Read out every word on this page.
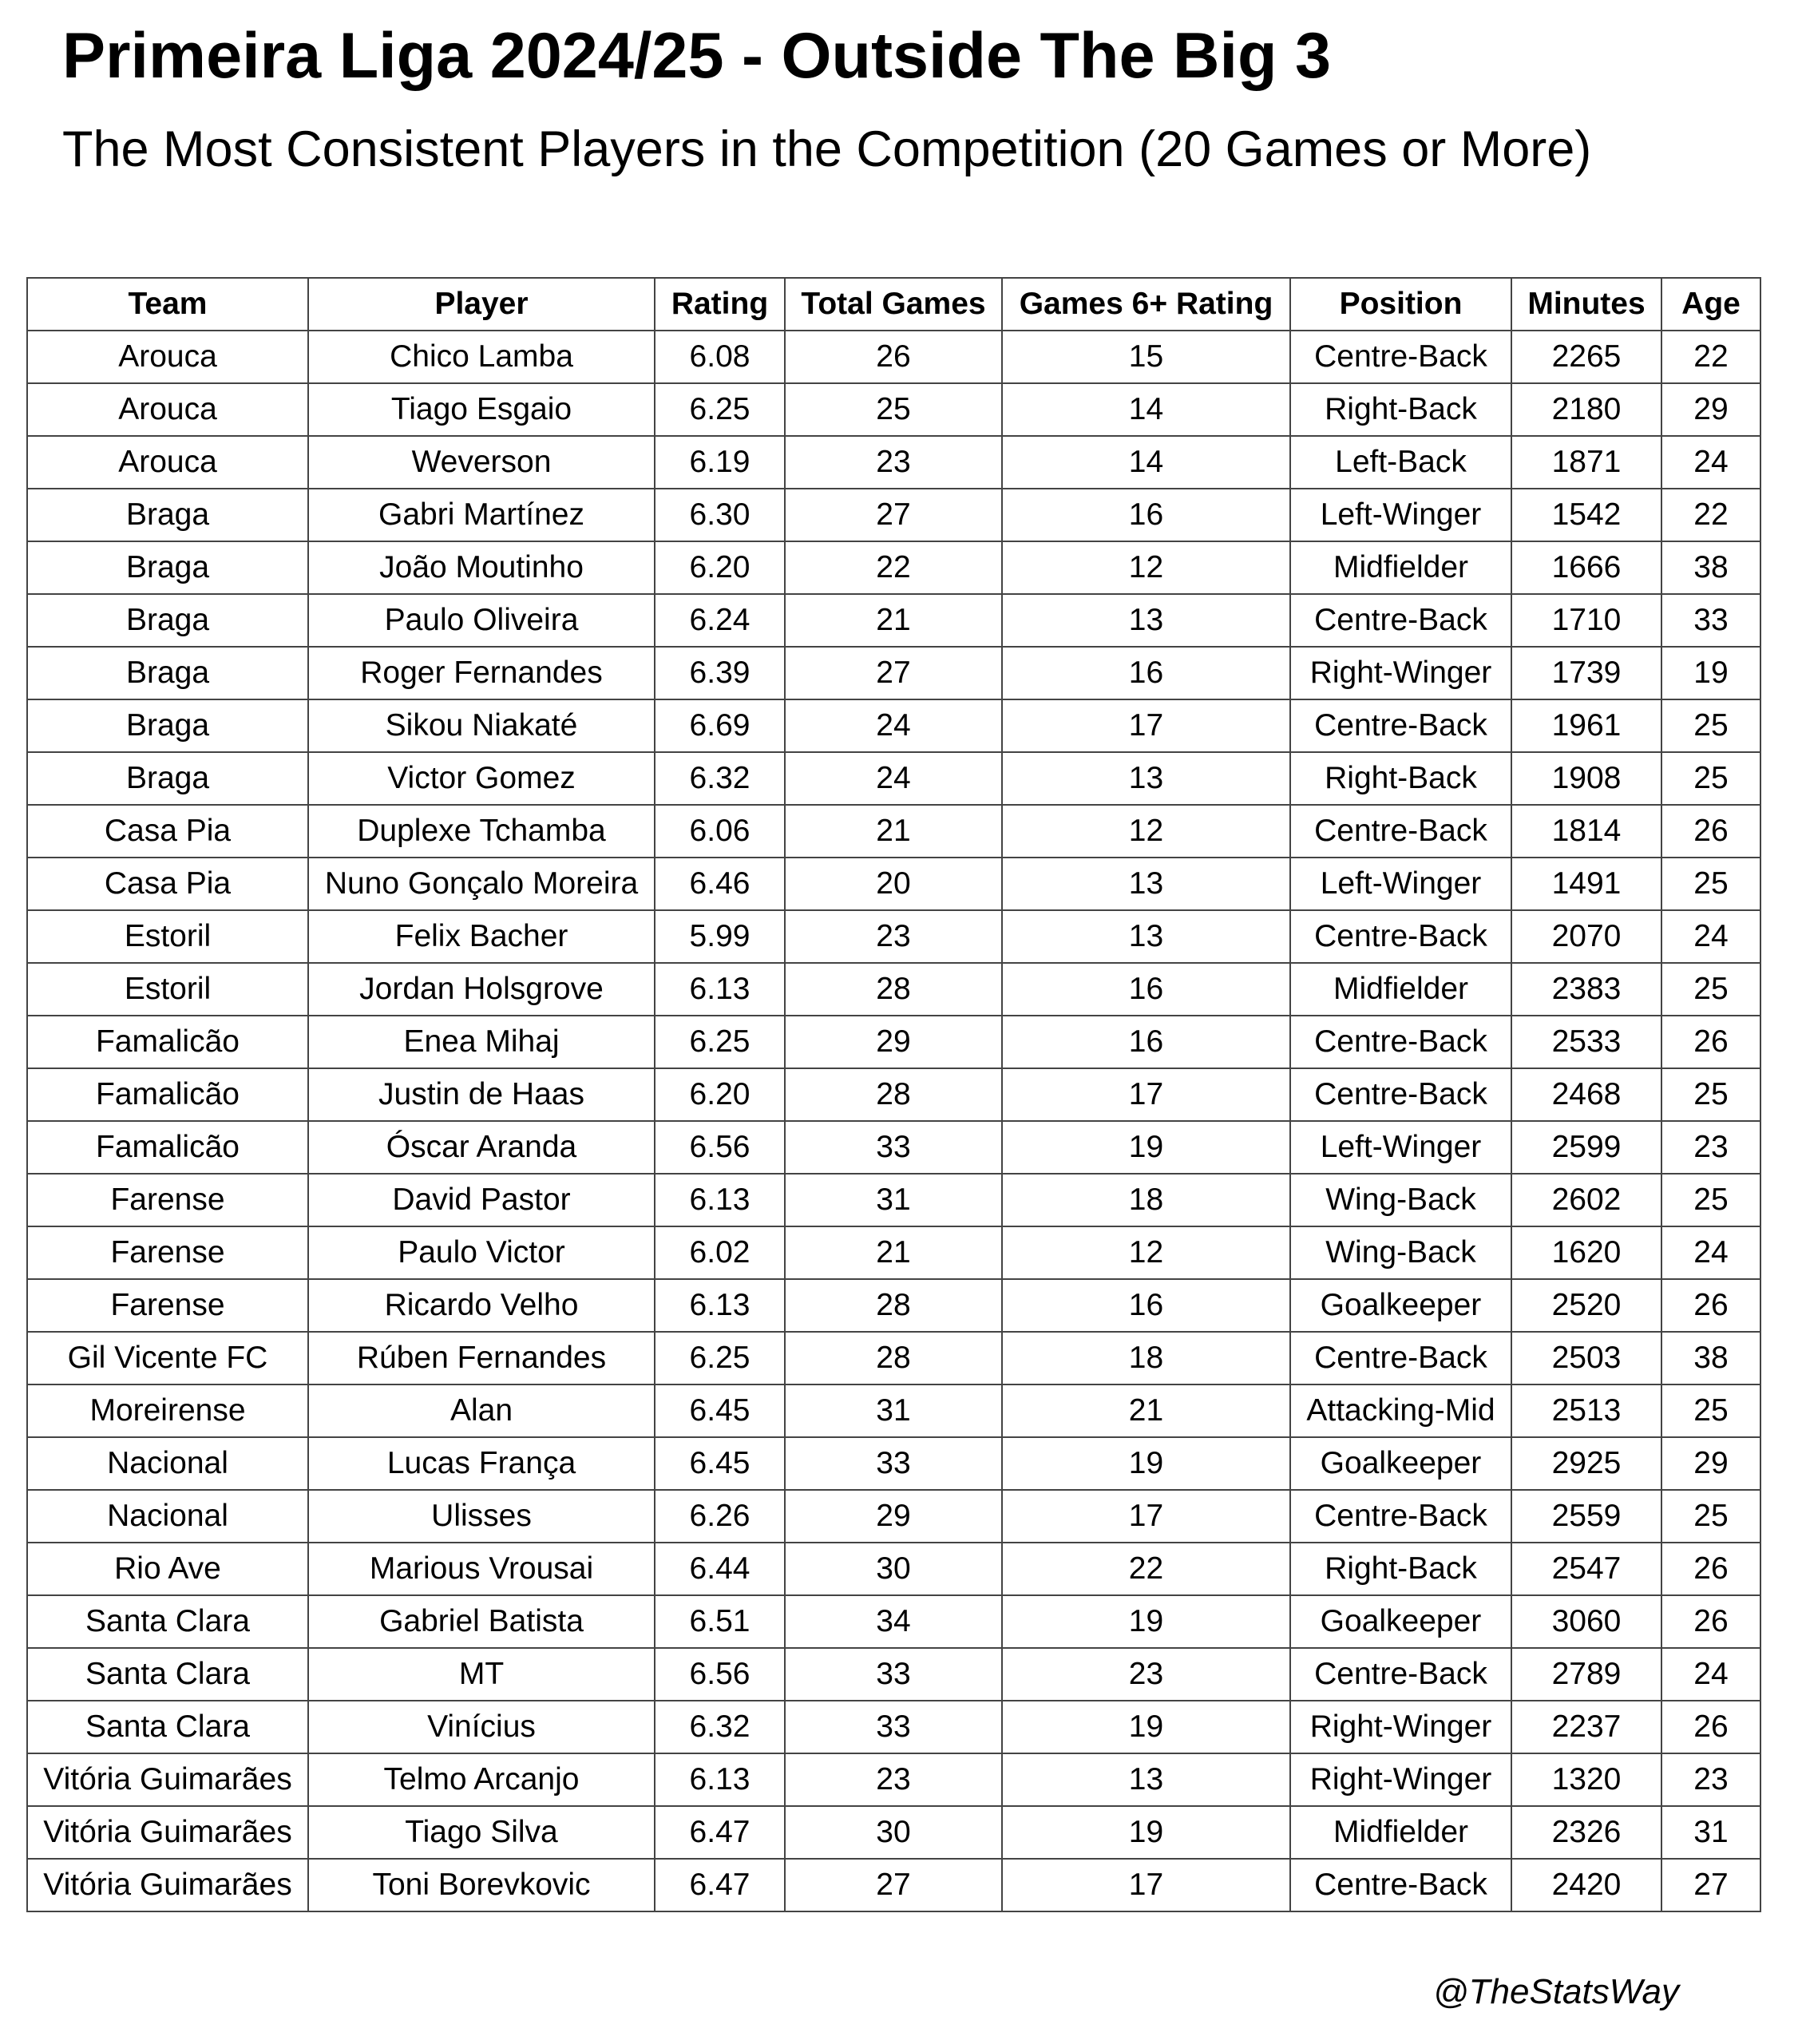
Primeira Liga 2024/25 - Outside The Big 3
The Most Consistent Players in the Competition (20 Games or More)
Team	Player	Rating	Total Games	Games 6+ Rating	Position	Minutes	Age
Arouca	Chico Lamba	6.08	26	15	Centre-Back	2265	22
Arouca	Tiago Esgaio	6.25	25	14	Right-Back	2180	29
Arouca	Weverson	6.19	23	14	Left-Back	1871	24
Braga	Gabri Martínez	6.30	27	16	Left-Winger	1542	22
Braga	João Moutinho	6.20	22	12	Midfielder	1666	38
Braga	Paulo Oliveira	6.24	21	13	Centre-Back	1710	33
Braga	Roger Fernandes	6.39	27	16	Right-Winger	1739	19
Braga	Sikou Niakaté	6.69	24	17	Centre-Back	1961	25
Braga	Victor Gomez	6.32	24	13	Right-Back	1908	25
Casa Pia	Duplexe Tchamba	6.06	21	12	Centre-Back	1814	26
Casa Pia	Nuno Gonçalo Moreira	6.46	20	13	Left-Winger	1491	25
Estoril	Felix Bacher	5.99	23	13	Centre-Back	2070	24
Estoril	Jordan Holsgrove	6.13	28	16	Midfielder	2383	25
Famalicão	Enea Mihaj	6.25	29	16	Centre-Back	2533	26
Famalicão	Justin de Haas	6.20	28	17	Centre-Back	2468	25
Famalicão	Óscar Aranda	6.56	33	19	Left-Winger	2599	23
Farense	David Pastor	6.13	31	18	Wing-Back	2602	25
Farense	Paulo Victor	6.02	21	12	Wing-Back	1620	24
Farense	Ricardo Velho	6.13	28	16	Goalkeeper	2520	26
Gil Vicente FC	Rúben Fernandes	6.25	28	18	Centre-Back	2503	38
Moreirense	Alan	6.45	31	21	Attacking-Mid	2513	25
Nacional	Lucas França	6.45	33	19	Goalkeeper	2925	29
Nacional	Ulisses	6.26	29	17	Centre-Back	2559	25
Rio Ave	Marious Vrousai	6.44	30	22	Right-Back	2547	26
Santa Clara	Gabriel Batista	6.51	34	19	Goalkeeper	3060	26
Santa Clara	MT	6.56	33	23	Centre-Back	2789	24
Santa Clara	Vinícius	6.32	33	19	Right-Winger	2237	26
Vitória Guimarães	Telmo Arcanjo	6.13	23	13	Right-Winger	1320	23
Vitória Guimarães	Tiago Silva	6.47	30	19	Midfielder	2326	31
Vitória Guimarães	Toni Borevkovic	6.47	27	17	Centre-Back	2420	27
@TheStatsWay
